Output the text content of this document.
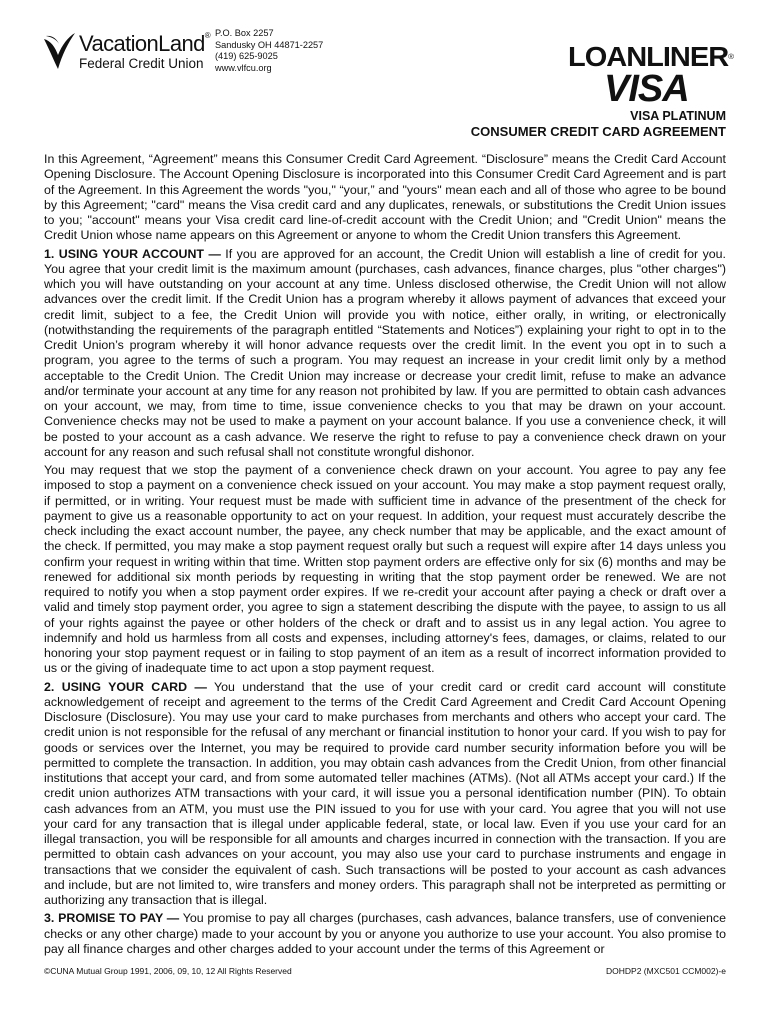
VacationLand®
Federal Credit Union
P.O. Box 2257
Sandusky OH 44871-2257
(419) 625-9025
www.vlfcu.org	LOANLINER®
VISA
VISA PLATINUM
CONSUMER CREDIT CARD AGREEMENT

In this Agreement, “Agreement” means this Consumer Credit Card Agreement. “Disclosure” means the Credit Card Account Opening Disclosure. The Account Opening Disclosure is incorporated into this Consumer Credit Card Agreement and is part of the Agreement. In this Agreement the words "you," “your,” and "yours" mean each and all of those who agree to be bound by this Agreement; "card" means the Visa credit card and any duplicates, renewals, or substitutions the Credit Union issues to you; "account" means your Visa credit card line-of-credit account with the Credit Union; and "Credit Union" means the Credit Union whose name appears on this Agreement or anyone to whom the Credit Union transfers this Agreement.

1. USING YOUR ACCOUNT — If you are approved for an account, the Credit Union will establish a line of credit for you. You agree that your credit limit is the maximum amount (purchases, cash advances, finance charges, plus "other charges") which you will have outstanding on your account at any time. Unless disclosed otherwise, the Credit Union will not allow advances over the credit limit. If the Credit Union has a program whereby it allows payment of advances that exceed your credit limit, subject to a fee, the Credit Union will provide you with notice, either orally, in writing, or electronically (notwithstanding the requirements of the paragraph entitled “Statements and Notices”) explaining your right to opt in to the Credit Union’s program whereby it will honor advance requests over the credit limit. In the event you opt in to such a program, you agree to the terms of such a program. You may request an increase in your credit limit only by a method acceptable to the Credit Union. The Credit Union may increase or decrease your credit limit, refuse to make an advance and/or terminate your account at any time for any reason not prohibited by law. If you are permitted to obtain cash advances on your account, we may, from time to time, issue convenience checks to you that may be drawn on your account. Convenience checks may not be used to make a payment on your account balance. If you use a convenience check, it will be posted to your account as a cash advance. We reserve the right to refuse to pay a convenience check drawn on your account for any reason and such refusal shall not constitute wrongful dishonor.

You may request that we stop the payment of a convenience check drawn on your account. You agree to pay any fee imposed to stop a payment on a convenience check issued on your account. You may make a stop payment request orally, if permitted, or in writing. Your request must be made with sufficient time in advance of the presentment of the check for payment to give us a reasonable opportunity to act on your request. In addition, your request must accurately describe the check including the exact account number, the payee, any check number that may be applicable, and the exact amount of the check. If permitted, you may make a stop payment request orally but such a request will expire after 14 days unless you confirm your request in writing within that time. Written stop payment orders are effective only for six (6) months and may be renewed for additional six month periods by requesting in writing that the stop payment order be renewed. We are not required to notify you when a stop payment order expires. If we re-credit your account after paying a check or draft over a valid and timely stop payment order, you agree to sign a statement describing the dispute with the payee, to assign to us all of your rights against the payee or other holders of the check or draft and to assist us in any legal action. You agree to indemnify and hold us harmless from all costs and expenses, including attorney's fees, damages, or claims, related to our honoring your stop payment request or in failing to stop payment of an item as a result of incorrect information provided to us or the giving of inadequate time to act upon a stop payment request.

2. USING YOUR CARD — You understand that the use of your credit card or credit card account will constitute acknowledgement of receipt and agreement to the terms of the Credit Card Agreement and Credit Card Account Opening Disclosure (Disclosure). You may use your card to make purchases from merchants and others who accept your card. The credit union is not responsible for the refusal of any merchant or financial institution to honor your card. If you wish to pay for goods or services over the Internet, you may be required to provide card number security information before you will be permitted to complete the transaction. In addition, you may obtain cash advances from the Credit Union, from other financial institutions that accept your card, and from some automated teller machines (ATMs). (Not all ATMs accept your card.) If the credit union authorizes ATM transactions with your card, it will issue you a personal identification number (PIN). To obtain cash advances from an ATM, you must use the PIN issued to you for use with your card. You agree that you will not use your card for any transaction that is illegal under applicable federal, state, or local law. Even if you use your card for an illegal transaction, you will be responsible for all amounts and charges incurred in connection with the transaction. If you are permitted to obtain cash advances on your account, you may also use your card to purchase instruments and engage in transactions that we consider the equivalent of cash. Such transactions will be posted to your account as cash advances and include, but are not limited to, wire transfers and money orders. This paragraph shall not be interpreted as permitting or authorizing any transaction that is illegal.

3. PROMISE TO PAY — You promise to pay all charges (purchases, cash advances, balance transfers, use of convenience checks or any other charge) made to your account by you or anyone you authorize to use your account. You also promise to pay all finance charges and other charges added to your account under the terms of this Agreement or

©CUNA Mutual Group 1991, 2006, 09, 10, 12 All Rights Reserved	DOHDP2 (MXC501 CCM002)-e
